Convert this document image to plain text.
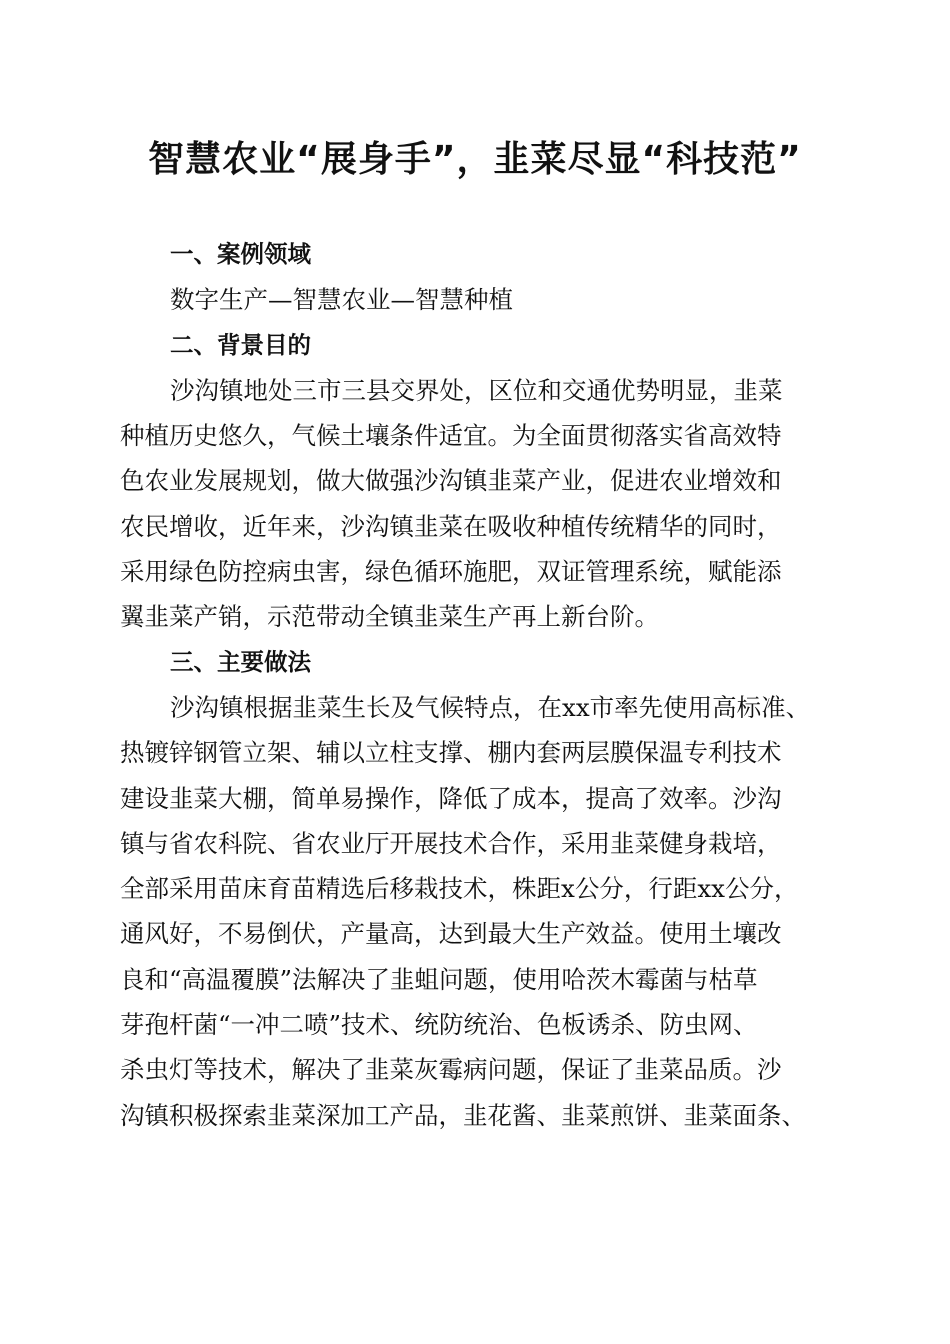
智慧农业“展身手”，韭菜尽显“科技范”
一、案例领域
数字生产—智慧农业—智慧种植
二、背景目的
沙沟镇地处三市三县交界处，区位和交通优势明显，韭菜
种植历史悠久，气候土壤条件适宜。为全面贯彻落实省高效特
色农业发展规划，做大做强沙沟镇韭菜产业，促进农业增效和
农民增收，近年来，沙沟镇韭菜在吸收种植传统精华的同时，
采用绿色防控病虫害，绿色循环施肥，双证管理系统，赋能添
翼韭菜产销，示范带动全镇韭菜生产再上新台阶。
三、主要做法
沙沟镇根据韭菜生长及气候特点，在xx市率先使用高标准、
热镀锌钢管立架、辅以立柱支撑、棚内套两层膜保温专利技术
建设韭菜大棚，简单易操作，降低了成本，提高了效率。沙沟
镇与省农科院、省农业厅开展技术合作，采用韭菜健身栽培，
全部采用苗床育苗精选后移栽技术，株距x公分，行距xx公分，
通风好，不易倒伏，产量高，达到最大生产效益。使用土壤改
良和“高温覆膜”法解决了韭蛆问题，使用哈茨木霉菌与枯草
芽孢杆菌“一冲二喷”技术、统防统治、色板诱杀、防虫网、
杀虫灯等技术，解决了韭菜灰霉病问题，保证了韭菜品质。沙
沟镇积极探索韭菜深加工产品，韭花酱、韭菜煎饼、韭菜面条、
